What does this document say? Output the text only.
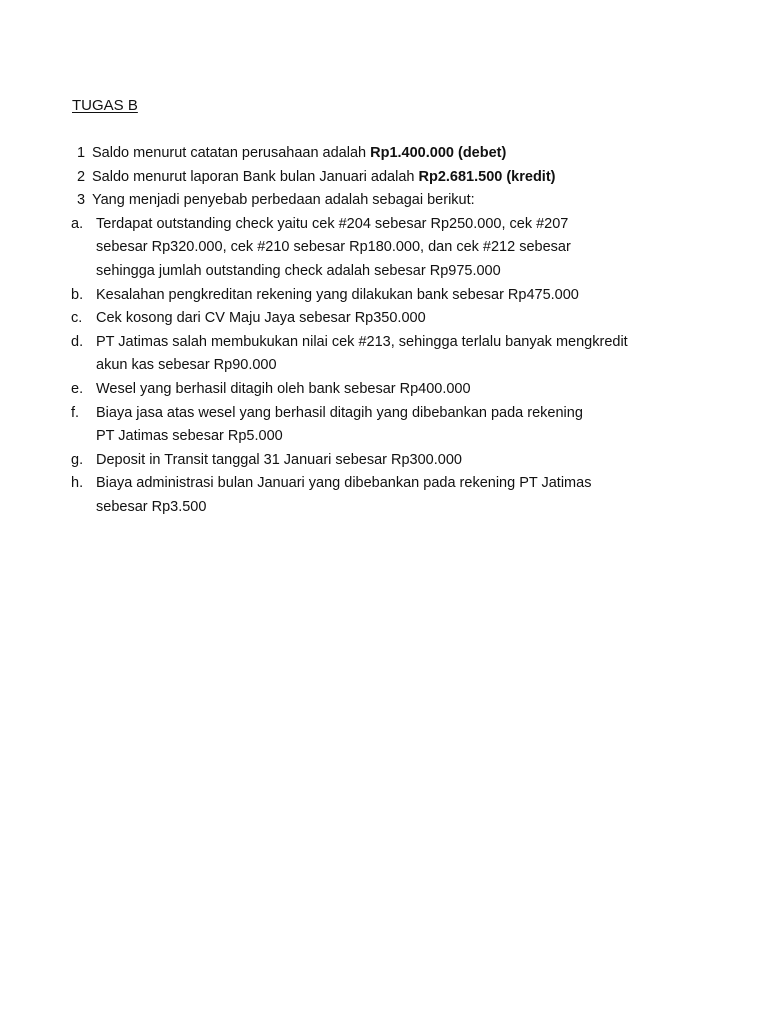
TUGAS B
1 Saldo menurut catatan perusahaan adalah Rp1.400.000 (debet)
2 Saldo menurut laporan Bank bulan Januari adalah Rp2.681.500 (kredit)
3 Yang menjadi penyebab perbedaan adalah sebagai berikut:
a. Terdapat outstanding check yaitu cek #204 sebesar Rp250.000, cek #207
sebesar Rp320.000, cek #210 sebesar Rp180.000, dan cek #212 sebesar
sehingga jumlah outstanding check adalah sebesar Rp975.000
b. Kesalahan pengkreditan rekening yang dilakukan bank sebesar Rp475.000
c. Cek kosong dari CV Maju Jaya sebesar Rp350.000
d. PT Jatimas salah membukukan nilai cek #213, sehingga terlalu banyak mengkredit
akun kas sebesar Rp90.000
e. Wesel yang berhasil ditagih oleh bank sebesar Rp400.000
f. Biaya jasa atas wesel yang berhasil ditagih yang dibebankan pada rekening
PT Jatimas sebesar Rp5.000
g. Deposit in Transit tanggal 31 Januari sebesar Rp300.000
h. Biaya administrasi bulan Januari yang dibebankan pada rekening PT Jatimas
sebesar Rp3.500
